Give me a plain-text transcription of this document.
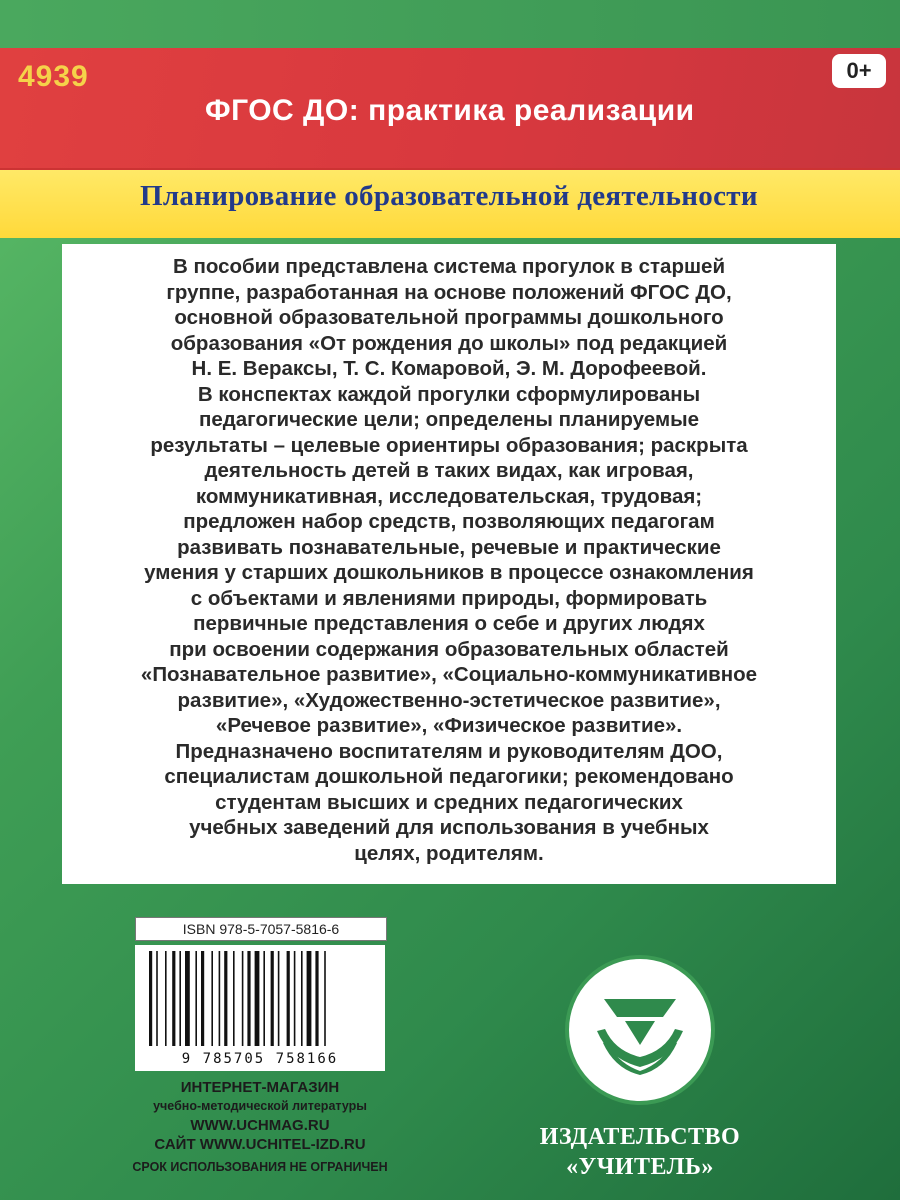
4939	0+
ФГОС ДО: практика реализации
Планирование образовательной деятельности

В пособии представлена система прогулок в старшей

группе, разработанная на основе положений ФГОС ДО,

основной образовательной программы дошкольного

образования «От рождения до школы» под редакцией

Н. Е. Вераксы, Т. С. Комаровой, Э. М. Дорофеевой.

В конспектах каждой прогулки сформулированы

педагогические цели; определены планируемые

результаты – целевые ориентиры образования; раскрыта

деятельность детей в таких видах, как игровая,

коммуникативная, исследовательская, трудовая;

предложен набор средств, позволяющих педагогам

развивать познавательные, речевые и практические

умения у старших дошкольников в процессе ознакомления

с объектами и явлениями природы, формировать

первичные представления о себе и других людях

при освоении содержания образовательных областей

«Познавательное развитие», «Социально-коммуникативное

развитие», «Художественно-эстетическое развитие»,

«Речевое развитие», «Физическое развитие».

Предназначено воспитателям и руководителям ДОО,

специалистам дошкольной педагогики; рекомендовано

студентам высших и средних педагогических

учебных заведений для использования в учебных

целях, родителям.

ISBN 978-5-7057-5816-6
9 785705 758166

ИНТЕРНЕТ-МАГАЗИН

учебно-методической литературы

WWW.UCHMAG.RU

САЙТ WWW.UCHITEL-IZD.RU

СРОК ИСПОЛЬЗОВАНИЯ НЕ ОГРАНИЧЕН

ИЗДАТЕЛЬСТВО

«УЧИТЕЛЬ»
